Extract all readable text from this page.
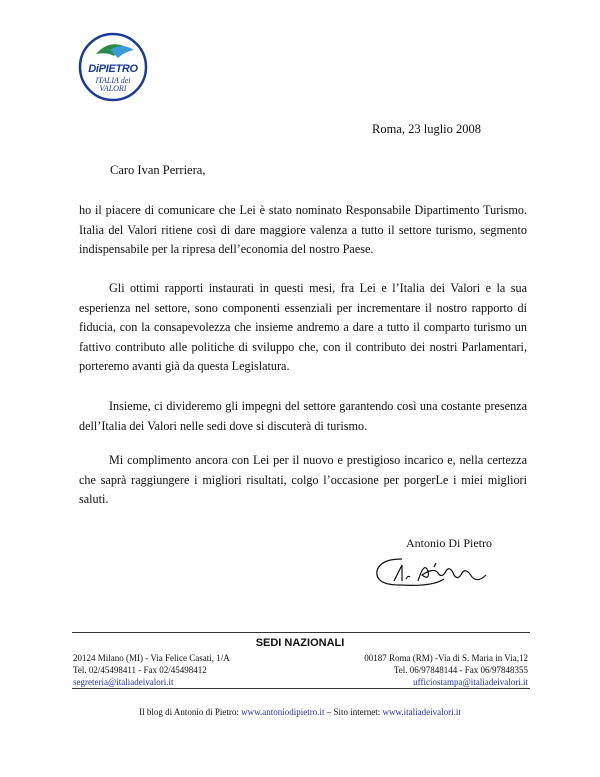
DiPIETRO
ITALIA dei
VALORI
Roma, 23 luglio 2008
Caro Ivan Perriera,

ho il piacere di comunicare che Lei è stato nominato Responsabile Dipartimento Turismo. Italia del Valori ritiene così di dare maggiore valenza a tutto il settore turismo, segmento indispensabile per la ripresa dell’economia del nostro Paese.

Gli ottimi rapporti instaurati in questi mesi, fra Lei e l’Italia dei Valori e la sua esperienza nel settore, sono componenti essenziali per incrementare il nostro rapporto di fiducia, con la consapevolezza che insieme andremo a dare a tutto il comparto turismo un fattivo contributo alle politiche di sviluppo che, con il contributo dei nostri Parlamentari, porteremo avanti già da questa Legislatura.

Insieme, ci divideremo gli impegni del settore garantendo così una costante presenza dell’Italia dei Valori nelle sedi dove si discuterà di turismo.

Mi complimento ancora con Lei per il nuovo e prestigioso incarico e, nella certezza che saprà raggiungere i migliori risultati, colgo l’occasione per porgerLe i miei migliori saluti.

Antonio Di Pietro
SEDI NAZIONALI
20124 Milano (MI) - Via Felice Casati, 1/A
Tel. 02/45498411 - Fax 02/45498412
segreteria@italiadeivalori.it
00187 Roma (RM) -Via di S. Maria in Via,12
Tel. 06/97848144 - Fax 06/97848355
ufficiostampa@italiadeivalori.it
Il blog di Antonio di Pietro: www.antoniodipietro.it – Sito internet: www.italiadeivalori.it
